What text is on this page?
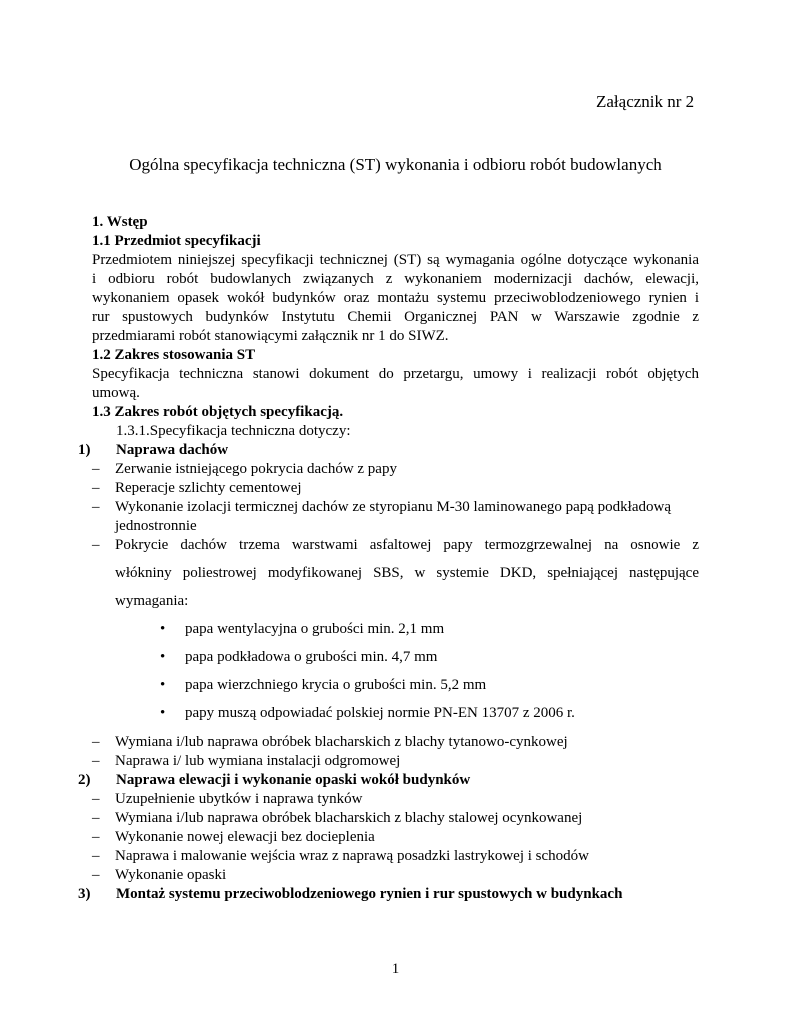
Załącznik nr 2
Ogólna specyfikacja techniczna (ST) wykonania i odbioru robót budowlanych
1. Wstęp
1.1 Przedmiot specyfikacji
Przedmiotem niniejszej specyfikacji technicznej (ST) są wymagania ogólne dotyczące wykonania
i odbioru robót budowlanych związanych z wykonaniem modernizacji dachów, elewacji,
wykonaniem opasek wokół budynków oraz montażu systemu przeciwoblodzeniowego rynien i
rur spustowych budynków Instytutu Chemii Organicznej PAN w Warszawie zgodnie z
przedmiarami robót stanowiącymi załącznik nr 1 do SIWZ.
1.2 Zakres stosowania ST
Specyfikacja techniczna stanowi dokument do przetargu, umowy i realizacji robót objętych
umową.
1.3 Zakres robót objętych specyfikacją.
1.3.1.Specyfikacja techniczna dotyczy:
1) Naprawa dachów
– Zerwanie istniejącego pokrycia dachów z papy
– Reperacje szlichty cementowej
– Wykonanie izolacji termicznej dachów ze styropianu M-30 laminowanego papą podkładową
jednostronnie
– Pokrycie dachów trzema warstwami asfaltowej papy termozgrzewalnej na osnowie z
włókniny poliestrowej modyfikowanej SBS, w systemie DKD, spełniającej następujące
wymagania:
• papa wentylacyjna o grubości min. 2,1 mm
• papa podkładowa o grubości min. 4,7 mm
• papa wierzchniego krycia o grubości min. 5,2 mm
• papy muszą odpowiadać polskiej normie PN-EN 13707 z 2006 r.
– Wymiana i/lub naprawa obróbek blacharskich z blachy tytanowo-cynkowej
– Naprawa i/ lub wymiana instalacji odgromowej
2) Naprawa elewacji i wykonanie opaski wokół budynków
– Uzupełnienie ubytków i naprawa tynków
– Wymiana i/lub naprawa obróbek blacharskich z blachy stalowej ocynkowanej
– Wykonanie nowej elewacji bez docieplenia
– Naprawa i malowanie wejścia wraz z naprawą posadzki lastrykowej i schodów
– Wykonanie opaski
3) Montaż systemu przeciwoblodzeniowego rynien i rur spustowych w budynkach
1
